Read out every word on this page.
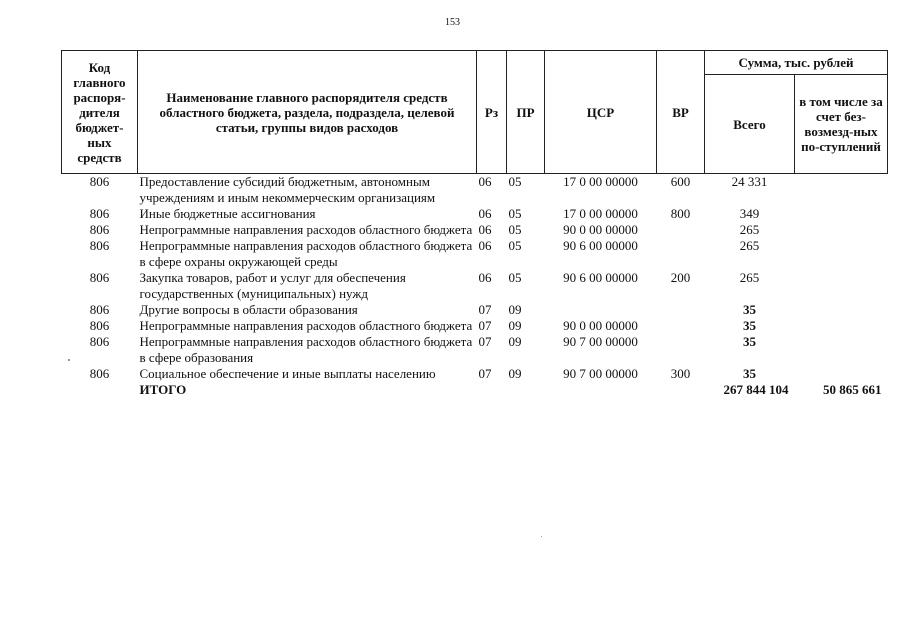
153
Код главного распоря-дителя бюджет-ных средств	Наименование главного распорядителя средств областного бюджета, раздела, подраздела, целевой статьи, группы видов расходов	Рз	ПР	ЦСР	ВР	Сумма, тыс. рублей	
						Всего	в том числе за счет без-возмезд-ных по-ступлений
806	Предоставление субсидий бюджетным, автономным учреждениям и иным некоммерческим организациям	06	05	17 0 00 00000	600	24 331	
806	Иные бюджетные ассигнования	06	05	17 0 00 00000	800	349	
806	Непрограммные направления расходов областного бюджета	06	05	90 0 00 00000		265	
806	Непрограммные направления расходов областного бюджета в сфере охраны окружающей среды	06	05	90 6 00 00000		265	
806	Закупка товаров, работ и услуг для обеспечения государственных (муниципальных) нужд	06	05	90 6 00 00000	200	265	
806	Другие вопросы в области образования	07	09			35	
806	Непрограммные направления расходов областного бюджета	07	09	90 0 00 00000		35	
806	Непрограммные направления расходов областного бюджета в сфере образования	07	09	90 7 00 00000		35	
806	Социальное обеспечение и иные выплаты населению	07	09	90 7 00 00000	300	35	
	ИТОГО					267 844 104	50 865 661
